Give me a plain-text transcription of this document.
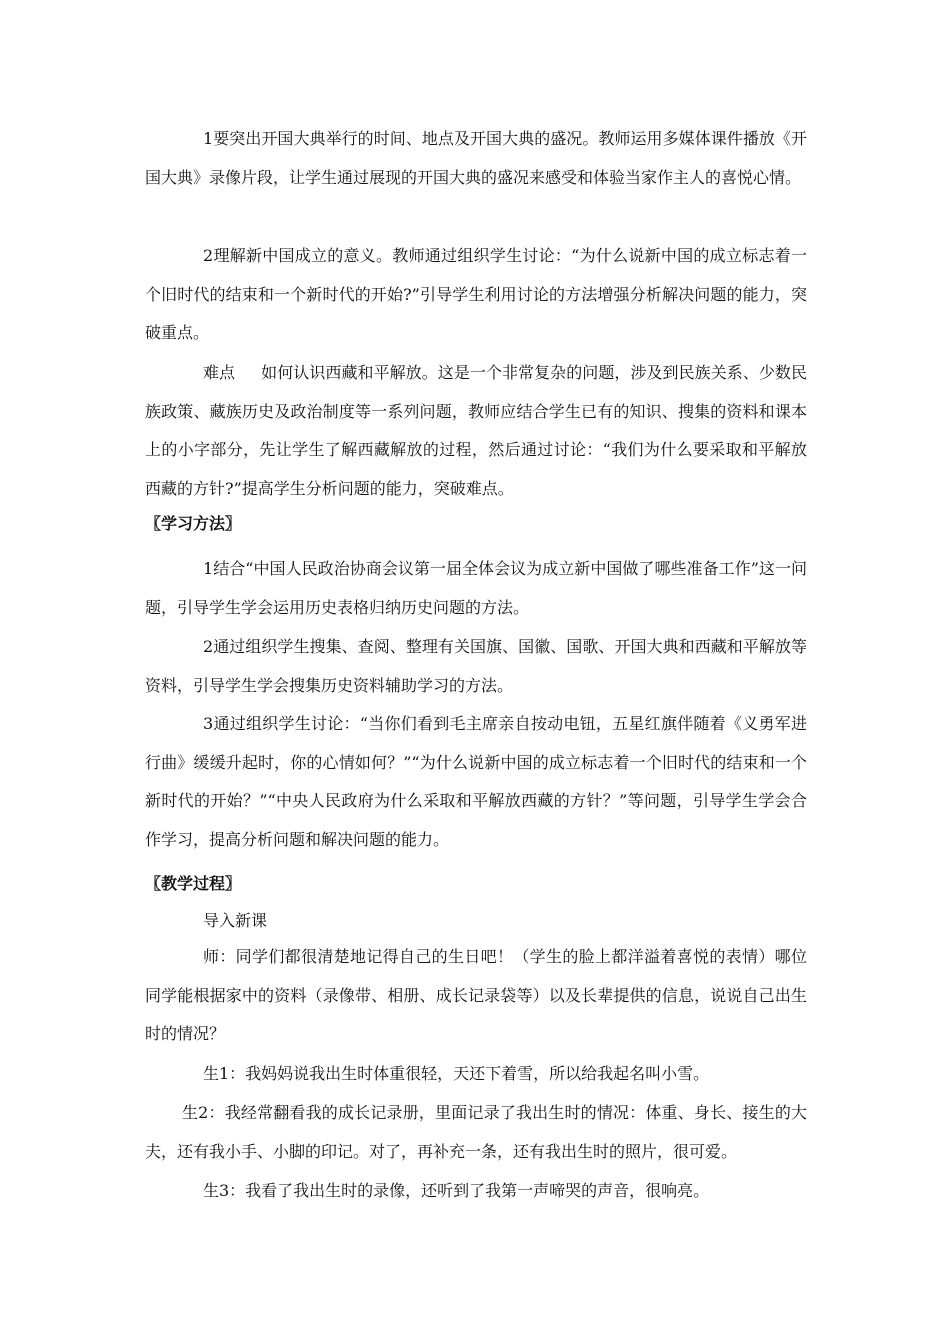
1要突出开国大典举行的时间、地点及开国大典的盛况。教师运用多媒体课件播放《开国大典》录像片段，让学生通过展现的开国大典的盛况来感受和体验当家作主人的喜悦心情。

2理解新中国成立的意义。教师通过组织学生讨论：“为什么说新中国的成立标志着一个旧时代的结束和一个新时代的开始?”引导学生利用讨论的方法增强分析解决问题的能力，突破重点。

难点 如何认识西藏和平解放。这是一个非常复杂的问题，涉及到民族关系、少数民族政策、藏族历史及政治制度等一系列问题，教师应结合学生已有的知识、搜集的资料和课本上的小字部分，先让学生了解西藏解放的过程，然后通过讨论：“我们为什么要采取和平解放西藏的方针?”提高学生分析问题的能力，突破难点。

〖学习方法〗

1结合“中国人民政治协商会议第一届全体会议为成立新中国做了哪些准备工作”这一问题，引导学生学会运用历史表格归纳历史问题的方法。

2通过组织学生搜集、查阅、整理有关国旗、国徽、国歌、开国大典和西藏和平解放等资料，引导学生学会搜集历史资料辅助学习的方法。

3通过组织学生讨论：“当你们看到毛主席亲自按动电钮，五星红旗伴随着《义勇军进行曲》缓缓升起时，你的心情如何？”“为什么说新中国的成立标志着一个旧时代的结束和一个新时代的开始？”“中央人民政府为什么采取和平解放西藏的方针？”等问题，引导学生学会合作学习，提高分析问题和解决问题的能力。

〖教学过程〗

导入新课

师：同学们都很清楚地记得自己的生日吧！（学生的脸上都洋溢着喜悦的表情）哪位同学能根据家中的资料（录像带、相册、成长记录袋等）以及长辈提供的信息，说说自己出生时的情况？

生1：我妈妈说我出生时体重很轻，天还下着雪，所以给我起名叫小雪。

生2：我经常翻看我的成长记录册，里面记录了我出生时的情况：体重、身长、接生的大夫，还有我小手、小脚的印记。对了，再补充一条，还有我出生时的照片，很可爱。

生3：我看了我出生时的录像，还听到了我第一声啼哭的声音，很响亮。
